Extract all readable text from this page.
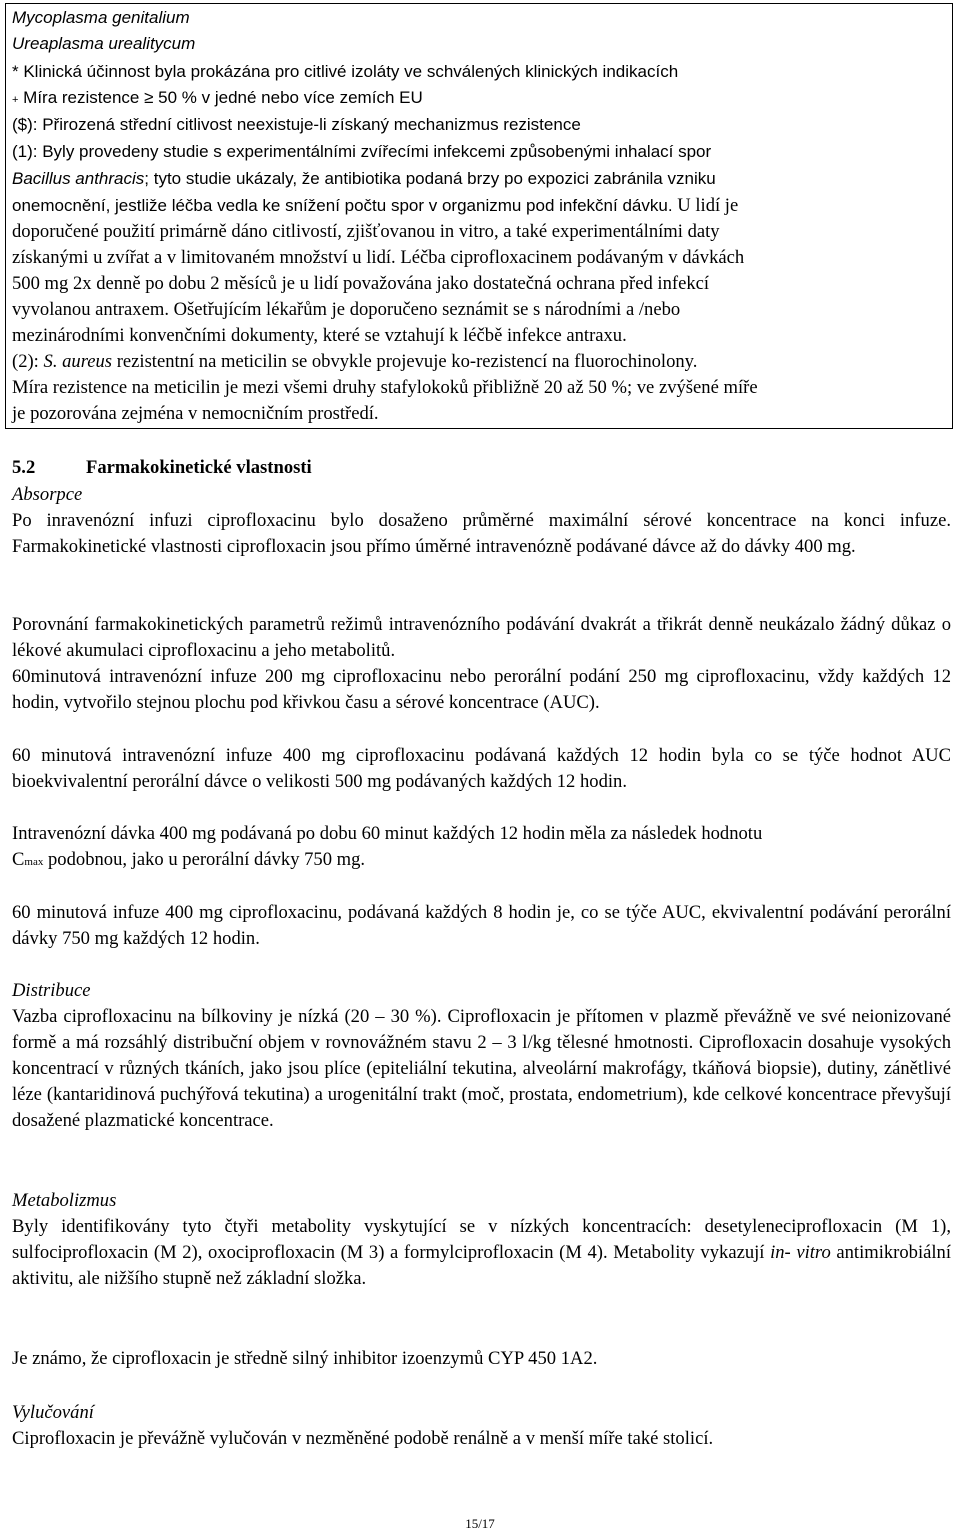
Mycoplasma genitalium
Ureaplasma urealitycum
* Klinická účinnost byla prokázána pro citlivé izoláty ve schválených klinických indikacích
+ Míra rezistence ≥ 50 % v jedné nebo více zemích EU
($): Přirozená střední citlivost neexistuje-li získaný mechanizmus rezistence
(1): Byly provedeny studie s experimentálními zvířecími infekcemi způsobenými inhalací spor
Bacillus anthracis; tyto studie ukázaly, že antibiotika podaná brzy po expozici zabránila vzniku
onemocnění, jestliže léčba vedla ke snížení počtu spor v organizmu pod infekční dávku. U lidí je
doporučené použití primárně dáno citlivostí, zjišťovanou in vitro, a také experimentálními daty
získanými u zvířat a v limitovaném množství u lidí. Léčba ciprofloxacinem podávaným v dávkách
500 mg 2x denně po dobu 2 měsíců je u lidí považována jako dostatečná ochrana před infekcí
vyvolanou antraxem. Ošetřujícím lékařům je doporučeno seznámit se s národními a /nebo
mezinárodními konvenčními dokumenty, které se vztahují k léčbě infekce antraxu.
(2): S. aureus rezistentní na meticilin se obvykle projevuje ko-rezistencí na fluorochinolony.
Míra rezistence na meticilin je mezi všemi druhy stafylokoků přibližně 20 až 50 %; ve zvýšené míře
je pozorována zejména v nemocničním prostředí.
5.2	Farmakokinetické vlastnosti
Absorpce
Po inravenózní infuzi ciprofloxacinu bylo dosaženo průměrné maximální sérové koncentrace na konci infuze. Farmakokinetické vlastnosti ciprofloxacin jsou přímo úměrné intravenózně podávané dávce až do dávky 400 mg.
Porovnání farmakokinetických parametrů režimů intravenózního podávání dvakrát a třikrát denně neukázalo žádný důkaz o lékové akumulaci ciprofloxacinu a jeho metabolitů.
60minutová intravenózní infuze 200 mg ciprofloxacinu nebo perorální podání 250 mg ciprofloxacinu, vždy každých 12 hodin, vytvořilo stejnou plochu pod křivkou času a sérové koncentrace (AUC).
60 minutová intravenózní infuze 400 mg ciprofloxacinu podávaná každých 12 hodin byla co se týče hodnot AUC bioekvivalentní perorální dávce o velikosti 500 mg podávaných každých 12 hodin.
Intravenózní dávka 400 mg podávaná po dobu 60 minut každých 12 hodin měla za následek hodnotu
Cmax podobnou, jako u perorální dávky 750 mg.
60 minutová infuze 400 mg ciprofloxacinu, podávaná každých 8 hodin je, co se týče AUC, ekvivalentní podávání perorální dávky 750 mg každých 12 hodin.
Distribuce
Vazba ciprofloxacinu na bílkoviny je nízká (20 – 30 %). Ciprofloxacin je přítomen v plazmě převážně ve své neionizované formě a má rozsáhlý distribuční objem v rovnovážném stavu 2 – 3 l/kg tělesné hmotnosti. Ciprofloxacin dosahuje vysokých koncentrací v různých tkáních, jako jsou plíce (epiteliální tekutina, alveolární makrofágy, tkáňová biopsie), dutiny, zánětlivé léze (kantaridinová puchýřová tekutina) a urogenitální trakt (moč, prostata, endometrium), kde celkové koncentrace převyšují dosažené plazmatické koncentrace.
Metabolizmus
Byly identifikovány tyto čtyři metabolity vyskytující se v nízkých koncentracích: desetyleneciprofloxacin (M 1), sulfociprofloxacin (M 2), oxociprofloxacin (M 3) a formylciprofloxacin (M 4). Metabolity vykazují in- vitro antimikrobiální aktivitu, ale nižšího stupně než základní složka.
Je známo, že ciprofloxacin je středně silný inhibitor izoenzymů CYP 450 1A2.
Vylučování
Ciprofloxacin je převážně vylučován v nezměněné podobě renálně a v menší míře také stolicí.
15/17
